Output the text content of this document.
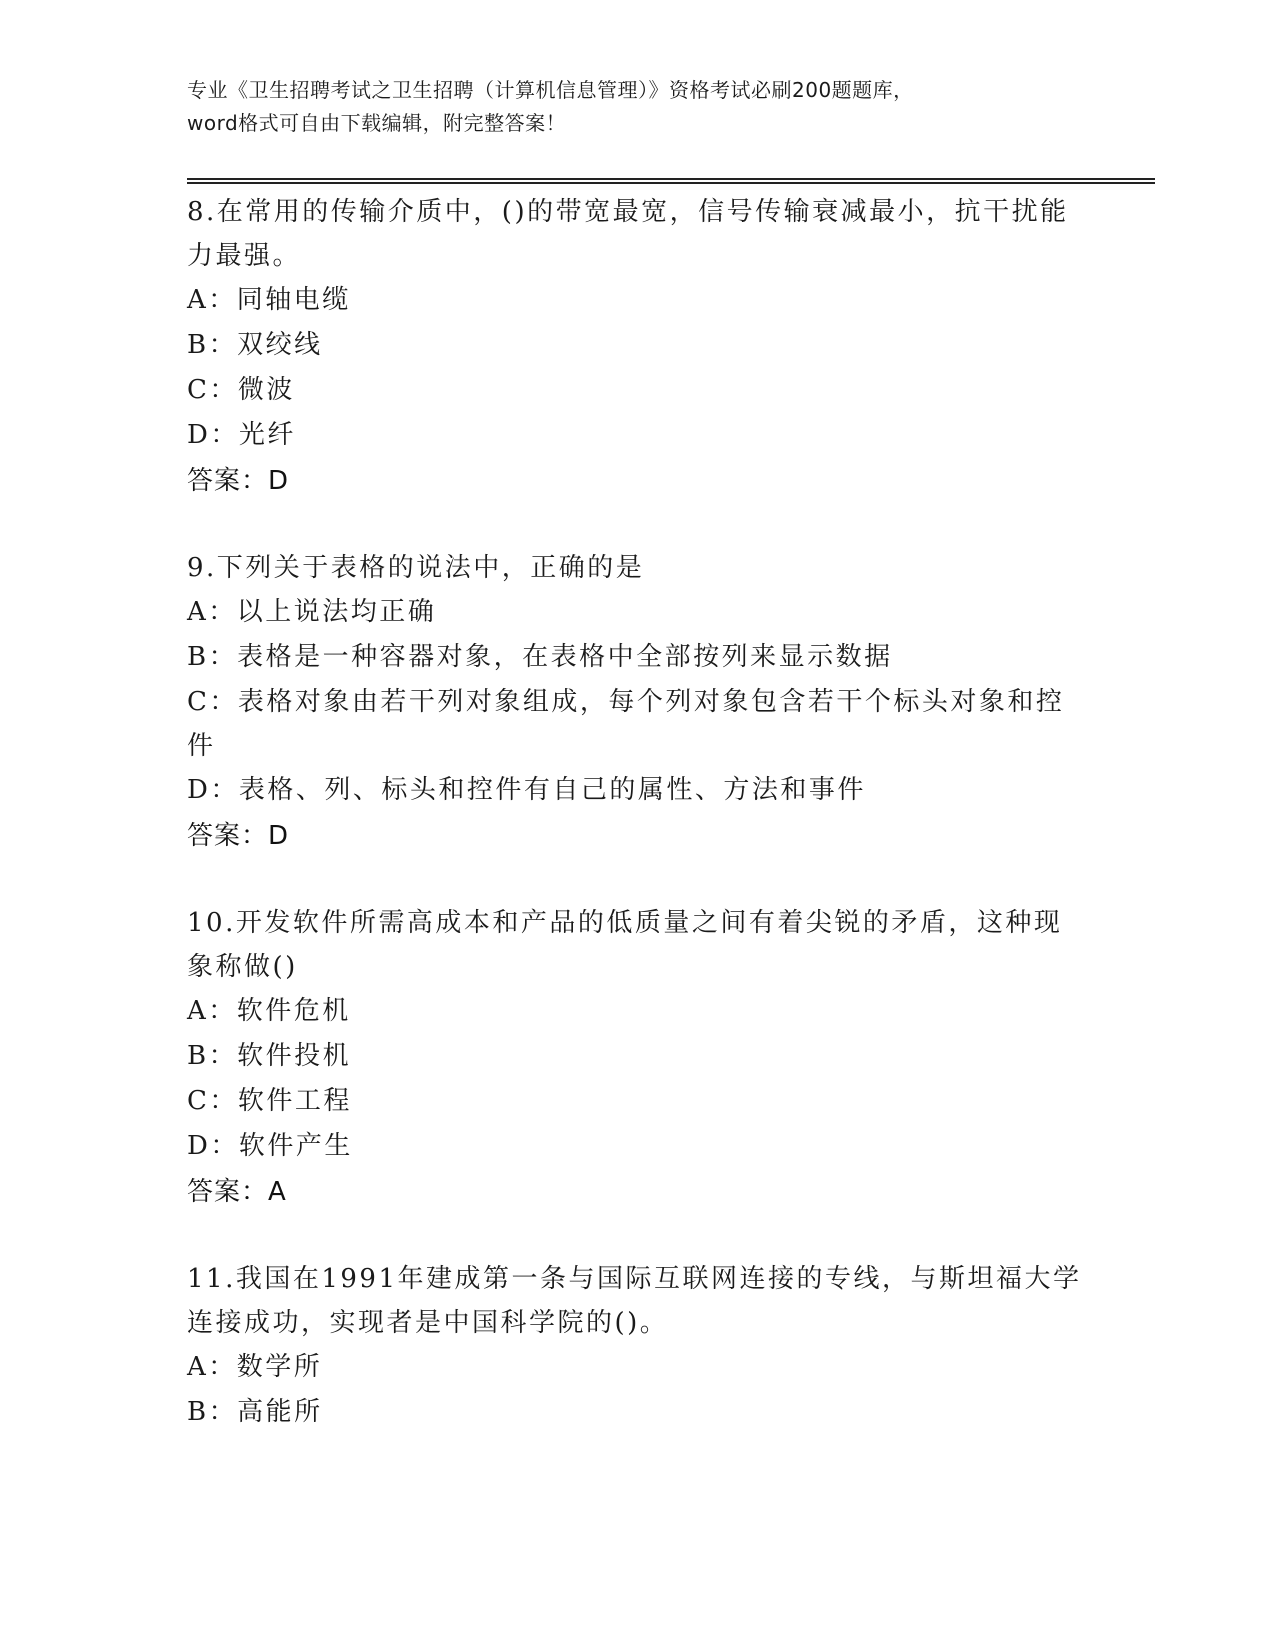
专业《卫生招聘考试之卫生招聘（计算机信息管理）》资格考试必刷200题题库，
word格式可自由下载编辑，附完整答案！
8.在常用的传输介质中，()的带宽最宽，信号传输衰减最小，抗干扰能力最强。
A：同轴电缆
B：双绞线
C：微波
D：光纤
答案：D
9.下列关于表格的说法中，正确的是
A：以上说法均正确
B：表格是一种容器对象，在表格中全部按列来显示数据
C：表格对象由若干列对象组成，每个列对象包含若干个标头对象和控件
D：表格、列、标头和控件有自己的属性、方法和事件
答案：D
10.开发软件所需高成本和产品的低质量之间有着尖锐的矛盾，这种现象称做()
A：软件危机
B：软件投机
C：软件工程
D：软件产生
答案：A
11.我国在1991年建成第一条与国际互联网连接的专线，与斯坦福大学连接成功，实现者是中国科学院的()。
A：数学所
B：高能所
